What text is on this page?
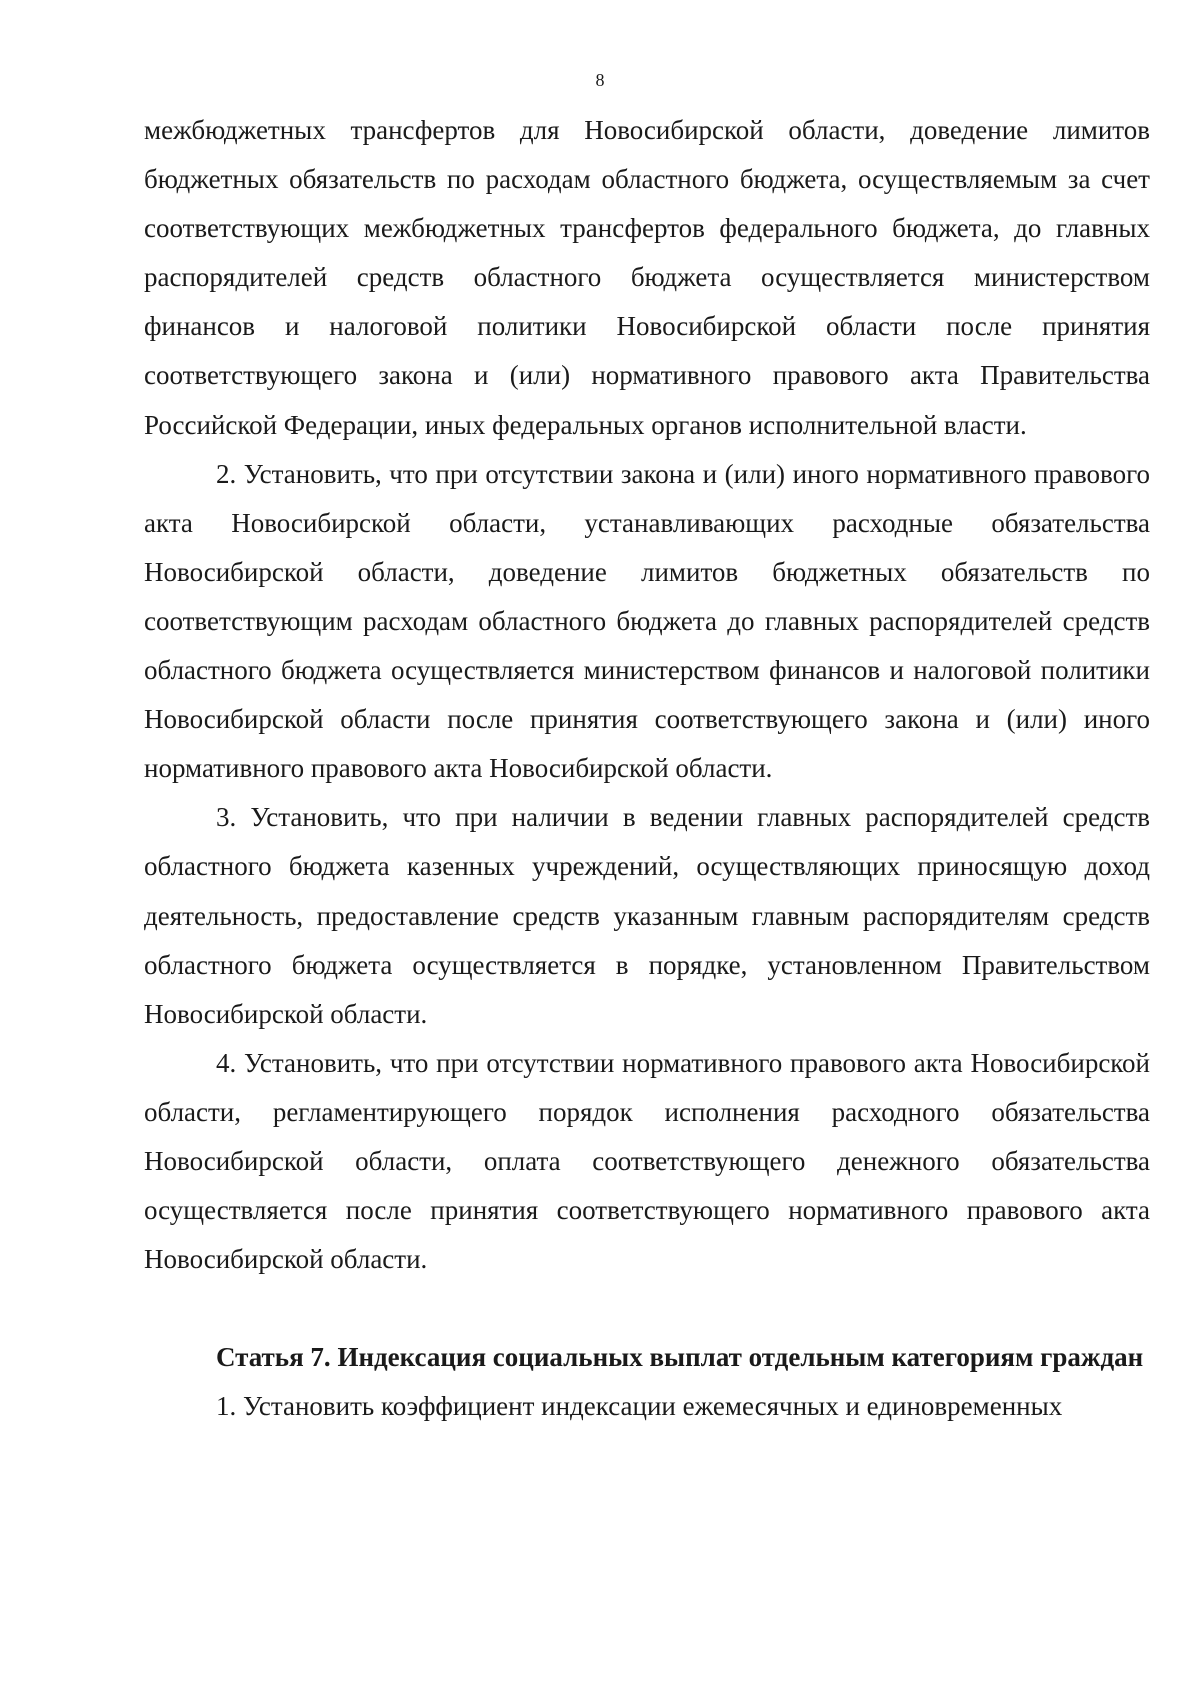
8

межбюджетных трансфертов для Новосибирской области, доведение лимитов бюджетных обязательств по расходам областного бюджета, осуществляемым за счет соответствующих межбюджетных трансфертов федерального бюджета, до главных распорядителей средств областного бюджета осуществляется министерством финансов и налоговой политики Новосибирской области после принятия соответствующего закона и (или) нормативного правового акта Правительства Российской Федерации, иных федеральных органов исполнительной власти.

2. Установить, что при отсутствии закона и (или) иного нормативного правового акта Новосибирской области, устанавливающих расходные обязательства Новосибирской области, доведение лимитов бюджетных обязательств по соответствующим расходам областного бюджета до главных распорядителей средств областного бюджета осуществляется министерством финансов и налоговой политики Новосибирской области после принятия соответствующего закона и (или) иного нормативного правового акта Новосибирской области.

3. Установить, что при наличии в ведении главных распорядителей средств областного бюджета казенных учреждений, осуществляющих приносящую доход деятельность, предоставление средств указанным главным распорядителям средств областного бюджета осуществляется в порядке, установленном Правительством Новосибирской области.

4. Установить, что при отсутствии нормативного правового акта Новосибирской области, регламентирующего порядок исполнения расходного обязательства Новосибирской области, оплата соответствующего денежного обязательства осуществляется после принятия соответствующего нормативного правового акта Новосибирской области.

Статья 7. Индексация социальных выплат отдельным категориям граждан

1. Установить коэффициент индексации ежемесячных и единовременных
